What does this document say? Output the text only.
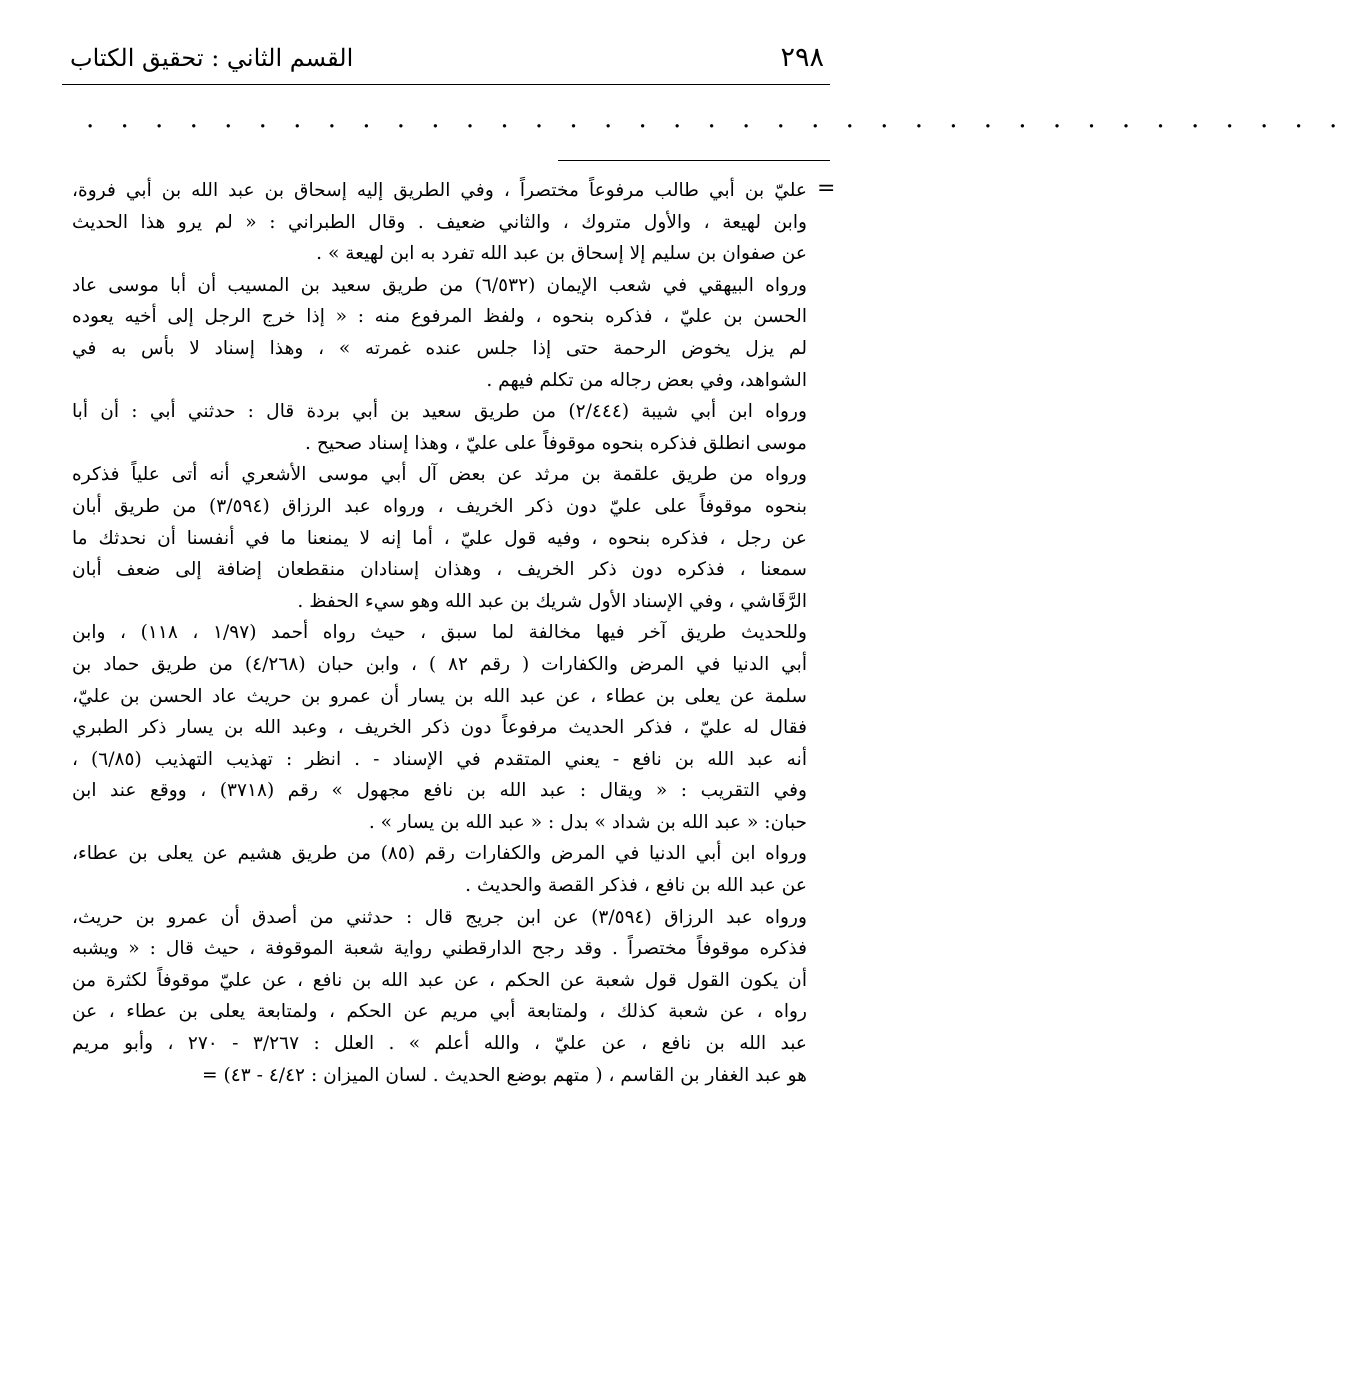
٢٩٨
القسم الثاني : تحقيق الكتاب
. . . . . . . . . . . . . . . . . . . . . . . . . . . . . . . . . . . . .
=
عليّ بن أبي طالب مرفوعاً مختصراً ، وفي الطريق إليه إسحاق بن عبد الله بن أبي فروة،
وابن لهيعة ، والأول متروك ، والثاني ضعيف . وقال الطبراني : « لم يرو هذا الحديث
عن صفوان بن سليم إلا إسحاق بن عبد الله تفرد به ابن لهيعة » .
ورواه البيهقي في شعب الإيمان (٦/٥٣٢) من طريق سعيد بن المسيب أن أبا موسى عاد
الحسن بن عليّ ، فذكره بنحوه ، ولفظ المرفوع منه : « إذا خرج الرجل إلى أخيه يعوده
لم يزل يخوض الرحمة حتى إذا جلس عنده غمرته » ، وهذا إسناد لا بأس به في
الشواهد، وفي بعض رجاله من تكلم فيهم .
ورواه ابن أبي شيبة (٢/٤٤٤) من طريق سعيد بن أبي بردة قال : حدثني أبي : أن أبا
موسى انطلق فذكره بنحوه موقوفاً على عليّ ، وهذا إسناد صحيح .
ورواه من طريق علقمة بن مرثد عن بعض آل أبي موسى الأشعري أنه أتى علياً فذكره
بنحوه موقوفاً على عليّ دون ذكر الخريف ، ورواه عبد الرزاق (٣/٥٩٤) من طريق أبان
عن رجل ، فذكره بنحوه ، وفيه قول عليّ ، أما إنه لا يمنعنا ما في أنفسنا أن نحدثك ما
سمعنا ، فذكره دون ذكر الخريف ، وهذان إسنادان منقطعان إضافة إلى ضعف أبان
الرَّقَاشي ، وفي الإسناد الأول شريك بن عبد الله وهو سيء الحفظ .
وللحديث طريق آخر فيها مخالفة لما سبق ، حيث رواه أحمد (١/٩٧ ، ١١٨) ، وابن
أبي الدنيا في المرض والكفارات ( رقم ٨٢ ) ، وابن حبان (٤/٢٦٨) من طريق حماد بن
سلمة عن يعلى بن عطاء ، عن عبد الله بن يسار أن عمرو بن حريث عاد الحسن بن عليّ،
فقال له عليّ ، فذكر الحديث مرفوعاً دون ذكر الخريف ، وعبد الله بن يسار ذكر الطبري
أنه عبد الله بن نافع - يعني المتقدم في الإسناد - . انظر : تهذيب التهذيب (٦/٨٥) ،
وفي التقريب : « ويقال : عبد الله بن نافع مجهول » رقم (٣٧١٨) ، ووقع عند ابن
حبان: « عبد الله بن شداد » بدل : « عبد الله بن يسار » .
ورواه ابن أبي الدنيا في المرض والكفارات رقم (٨٥) من طريق هشيم عن يعلى بن عطاء،
عن عبد الله بن نافع ، فذكر القصة والحديث .
ورواه عبد الرزاق (٣/٥٩٤) عن ابن جريج قال : حدثني من أصدق أن عمرو بن حريث،
فذكره موقوفاً مختصراً . وقد رجح الدارقطني رواية شعبة الموقوفة ، حيث قال : « ويشبه
أن يكون القول قول شعبة عن الحكم ، عن عبد الله بن نافع ، عن عليّ موقوفاً لكثرة من
رواه ، عن شعبة كذلك ، ولمتابعة أبي مريم عن الحكم ، ولمتابعة يعلى بن عطاء ، عن
عبد الله بن نافع ، عن عليّ ، والله أعلم » . العلل : ٣/٢٦٧ - ٢٧٠ ، وأبو مريم
هو عبد الغفار بن القاسم ، ( متهم بوضع الحديث . لسان الميزان : ٤/٤٢ - ٤٣) =
